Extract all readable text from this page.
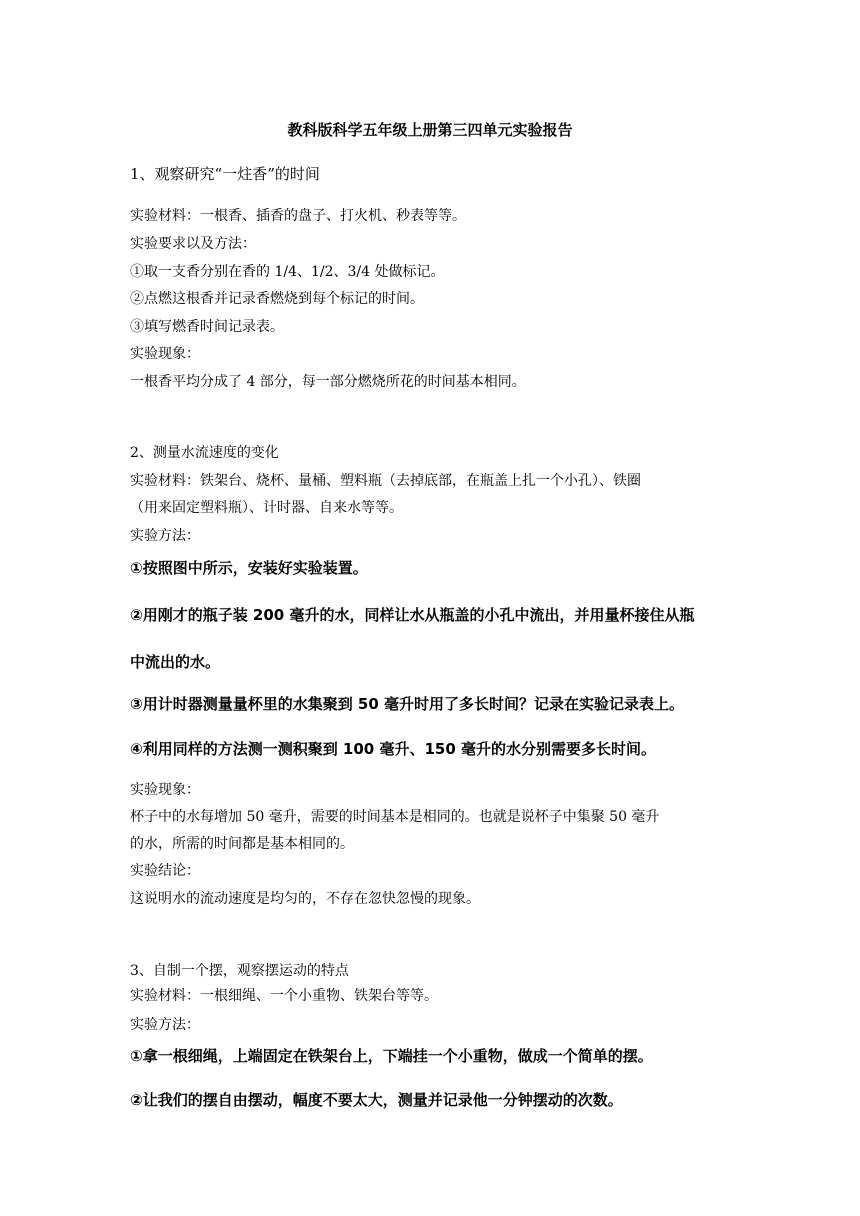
教科版科学五年级上册第三四单元实验报告
1、观察研究“一炷香”的时间
实验材料：一根香、插香的盘子、打火机、秒表等等。
实验要求以及方法：
①取一支香分别在香的 1/4、1/2、3/4 处做标记。
②点燃这根香并记录香燃烧到每个标记的时间。
③填写燃香时间记录表。
实验现象：
一根香平均分成了 4 部分，每一部分燃烧所花的时间基本相同。
2、测量水流速度的变化
实验材料：铁架台、烧杯、量桶、塑料瓶（去掉底部，在瓶盖上扎一个小孔）、铁圈
（用来固定塑料瓶）、计时器、自来水等等。
实验方法：
①按照图中所示，安装好实验装置。
②用刚才的瓶子装 200 毫升的水，同样让水从瓶盖的小孔中流出，并用量杯接住从瓶
中流出的水。
③用计时器测量量杯里的水集聚到 50 毫升时用了多长时间？记录在实验记录表上。
④利用同样的方法测一测积聚到 100 毫升、150 毫升的水分别需要多长时间。
实验现象：
杯子中的水每增加 50 毫升，需要的时间基本是相同的。也就是说杯子中集聚 50 毫升
的水，所需的时间都是基本相同的。
实验结论：
这说明水的流动速度是均匀的，不存在忽快忽慢的现象。
3、自制一个摆，观察摆运动的特点
实验材料：一根细绳、一个小重物、铁架台等等。
实验方法：
①拿一根细绳，上端固定在铁架台上，下端挂一个小重物，做成一个简单的摆。
②让我们的摆自由摆动，幅度不要太大，测量并记录他一分钟摆动的次数。
